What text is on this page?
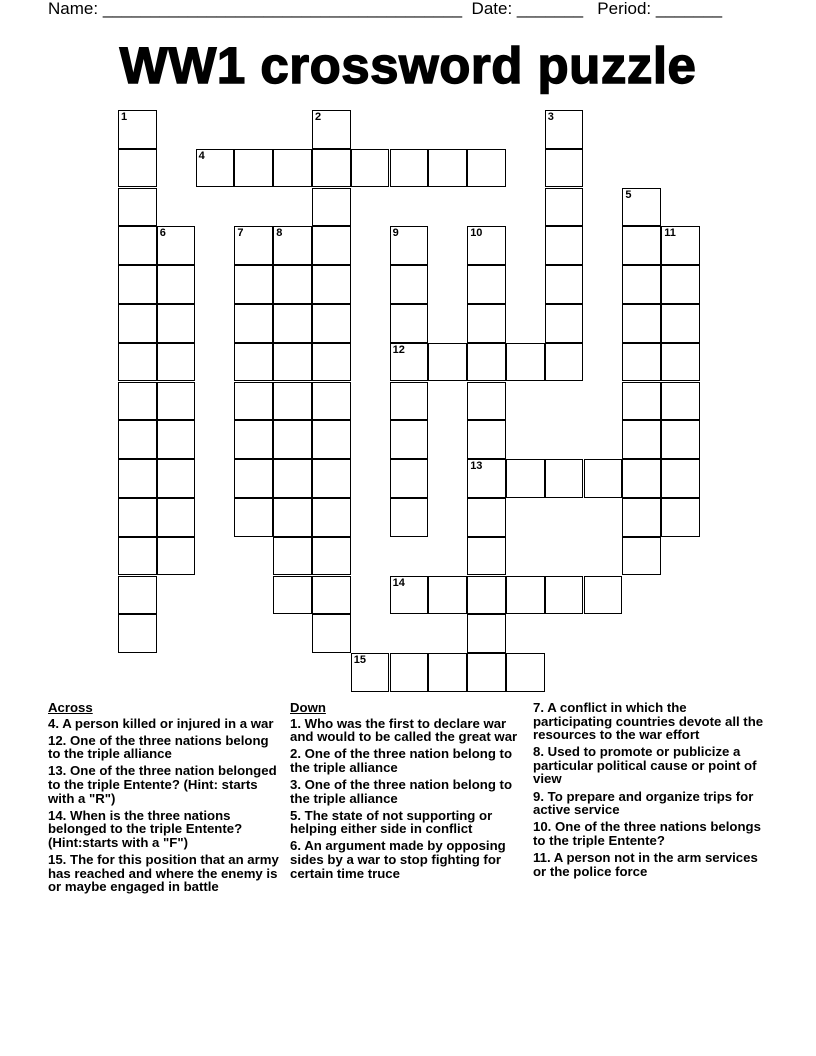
Name: ______________________________________ Date: _______ Period: _______
WW1 crossword puzzle
1	2	3
4
5
6	7	8	9
12
10
13
11
14
15
Across
4. A person killed or injured in a war
12. One of the three nations belong to the triple alliance
13. One of the three nation belonged to the triple Entente? (Hint: starts with a "R")
14. When is the three nations belonged to the triple Entente? (Hint:starts with a "F")
15. The for this position that an army has reached and where the enemy is or maybe engaged in battle
Down
1. Who was the first to declare war and would to be called the great war
2. One of the three nation belong to the triple alliance
3. One of the three nation belong to the triple alliance
5. The state of not supporting or helping either side in conflict
6. An argument made by opposing sides by a war to stop fighting for certain time truce
7. A conflict in which the participating countries devote all the resources to the war effort
8. Used to promote or publicize a particular political cause or point of view
9. To prepare and organize trips for active service
10. One of the three nations belongs to the triple Entente?
11. A person not in the arm services or the police force
